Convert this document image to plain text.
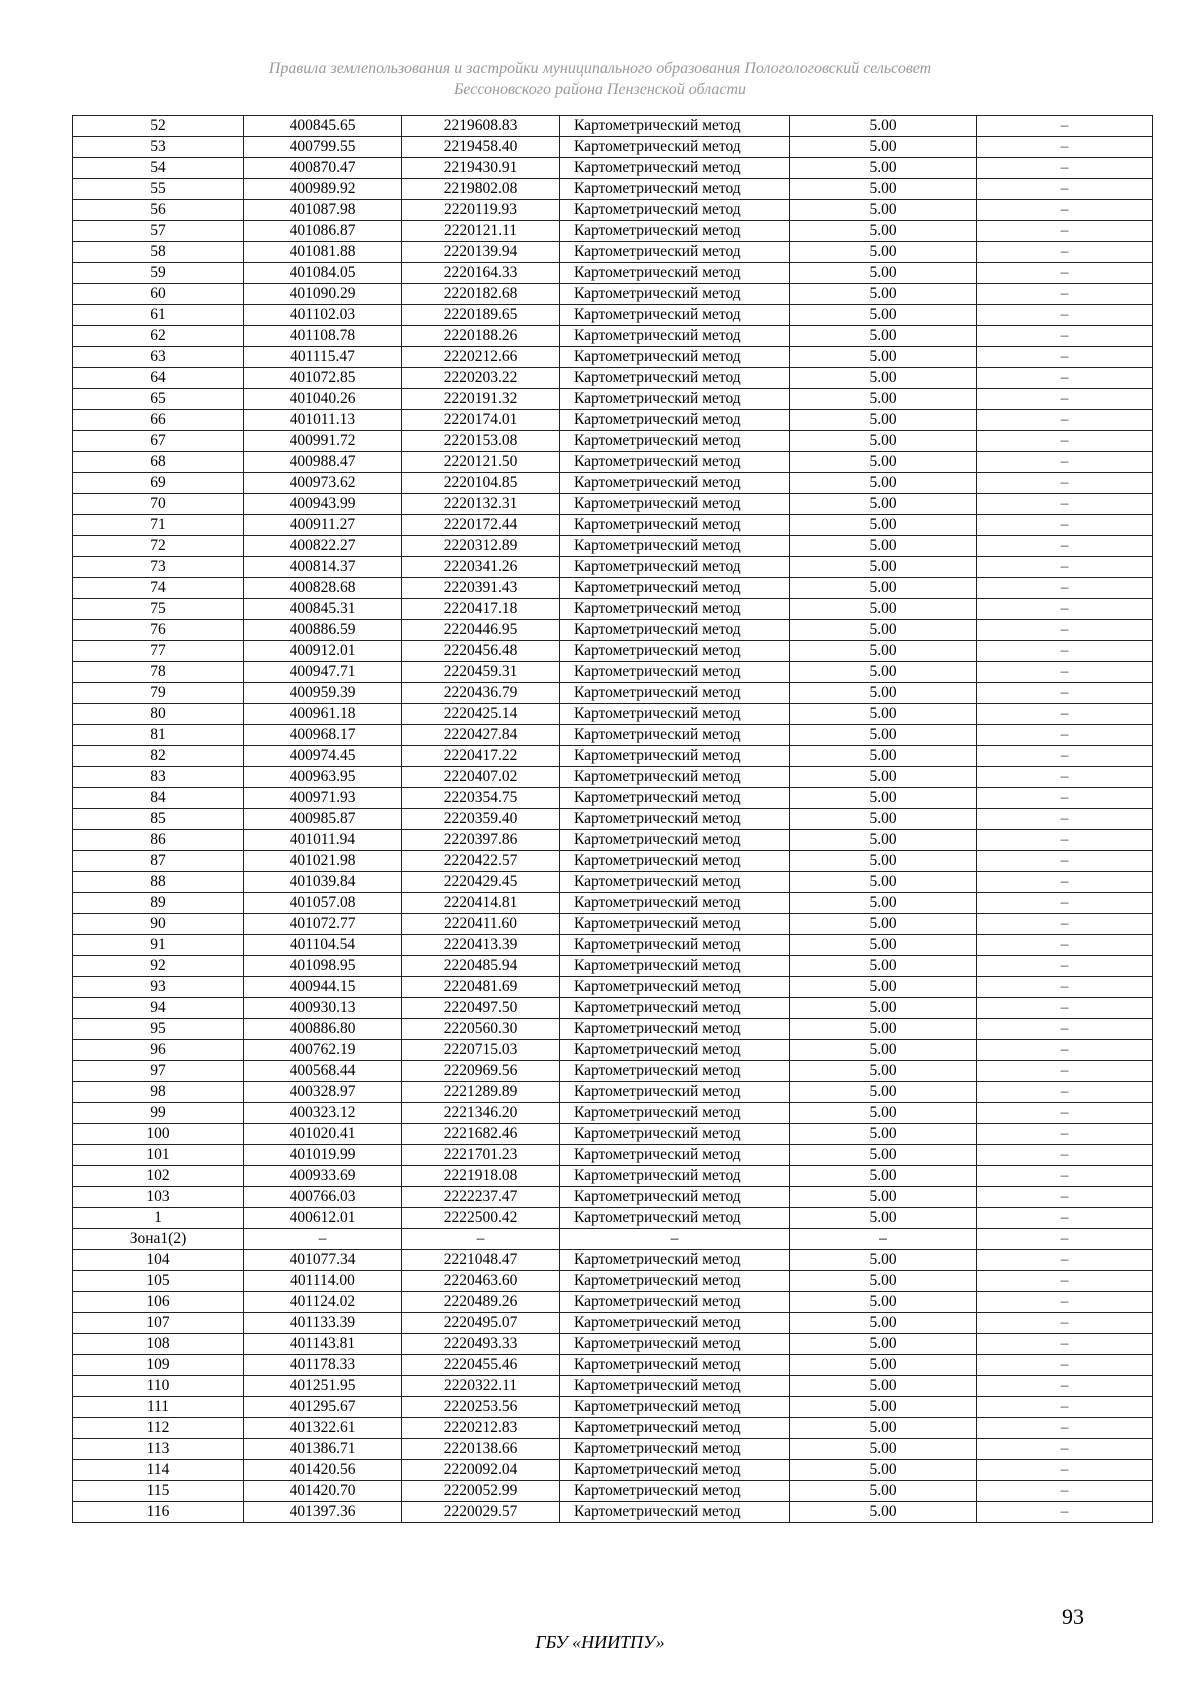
Правила землепользования и застройки муниципального образования Пологологовский сельсовет
Бессоновского района Пензенской области
52	400845.65	2219608.83	Картометрический метод	5.00	–
53	400799.55	2219458.40	Картометрический метод	5.00	–
54	400870.47	2219430.91	Картометрический метод	5.00	–
55	400989.92	2219802.08	Картометрический метод	5.00	–
56	401087.98	2220119.93	Картометрический метод	5.00	–
57	401086.87	2220121.11	Картометрический метод	5.00	–
58	401081.88	2220139.94	Картометрический метод	5.00	–
59	401084.05	2220164.33	Картометрический метод	5.00	–
60	401090.29	2220182.68	Картометрический метод	5.00	–
61	401102.03	2220189.65	Картометрический метод	5.00	–
62	401108.78	2220188.26	Картометрический метод	5.00	–
63	401115.47	2220212.66	Картометрический метод	5.00	–
64	401072.85	2220203.22	Картометрический метод	5.00	–
65	401040.26	2220191.32	Картометрический метод	5.00	–
66	401011.13	2220174.01	Картометрический метод	5.00	–
67	400991.72	2220153.08	Картометрический метод	5.00	–
68	400988.47	2220121.50	Картометрический метод	5.00	–
69	400973.62	2220104.85	Картометрический метод	5.00	–
70	400943.99	2220132.31	Картометрический метод	5.00	–
71	400911.27	2220172.44	Картометрический метод	5.00	–
72	400822.27	2220312.89	Картометрический метод	5.00	–
73	400814.37	2220341.26	Картометрический метод	5.00	–
74	400828.68	2220391.43	Картометрический метод	5.00	–
75	400845.31	2220417.18	Картометрический метод	5.00	–
76	400886.59	2220446.95	Картометрический метод	5.00	–
77	400912.01	2220456.48	Картометрический метод	5.00	–
78	400947.71	2220459.31	Картометрический метод	5.00	–
79	400959.39	2220436.79	Картометрический метод	5.00	–
80	400961.18	2220425.14	Картометрический метод	5.00	–
81	400968.17	2220427.84	Картометрический метод	5.00	–
82	400974.45	2220417.22	Картометрический метод	5.00	–
83	400963.95	2220407.02	Картометрический метод	5.00	–
84	400971.93	2220354.75	Картометрический метод	5.00	–
85	400985.87	2220359.40	Картометрический метод	5.00	–
86	401011.94	2220397.86	Картометрический метод	5.00	–
87	401021.98	2220422.57	Картометрический метод	5.00	–
88	401039.84	2220429.45	Картометрический метод	5.00	–
89	401057.08	2220414.81	Картометрический метод	5.00	–
90	401072.77	2220411.60	Картометрический метод	5.00	–
91	401104.54	2220413.39	Картометрический метод	5.00	–
92	401098.95	2220485.94	Картометрический метод	5.00	–
93	400944.15	2220481.69	Картометрический метод	5.00	–
94	400930.13	2220497.50	Картометрический метод	5.00	–
95	400886.80	2220560.30	Картометрический метод	5.00	–
96	400762.19	2220715.03	Картометрический метод	5.00	–
97	400568.44	2220969.56	Картометрический метод	5.00	–
98	400328.97	2221289.89	Картометрический метод	5.00	–
99	400323.12	2221346.20	Картометрический метод	5.00	–
100	401020.41	2221682.46	Картометрический метод	5.00	–
101	401019.99	2221701.23	Картометрический метод	5.00	–
102	400933.69	2221918.08	Картометрический метод	5.00	–
103	400766.03	2222237.47	Картометрический метод	5.00	–
1	400612.01	2222500.42	Картометрический метод	5.00	–
Зона1(2)	–	–	–	–	–
104	401077.34	2221048.47	Картометрический метод	5.00	–
105	401114.00	2220463.60	Картометрический метод	5.00	–
106	401124.02	2220489.26	Картометрический метод	5.00	–
107	401133.39	2220495.07	Картометрический метод	5.00	–
108	401143.81	2220493.33	Картометрический метод	5.00	–
109	401178.33	2220455.46	Картометрический метод	5.00	–
110	401251.95	2220322.11	Картометрический метод	5.00	–
111	401295.67	2220253.56	Картометрический метод	5.00	–
112	401322.61	2220212.83	Картометрический метод	5.00	–
113	401386.71	2220138.66	Картометрический метод	5.00	–
114	401420.56	2220092.04	Картометрический метод	5.00	–
115	401420.70	2220052.99	Картометрический метод	5.00	–
116	401397.36	2220029.57	Картометрический метод	5.00	–
93
ГБУ «НИИТПУ»
